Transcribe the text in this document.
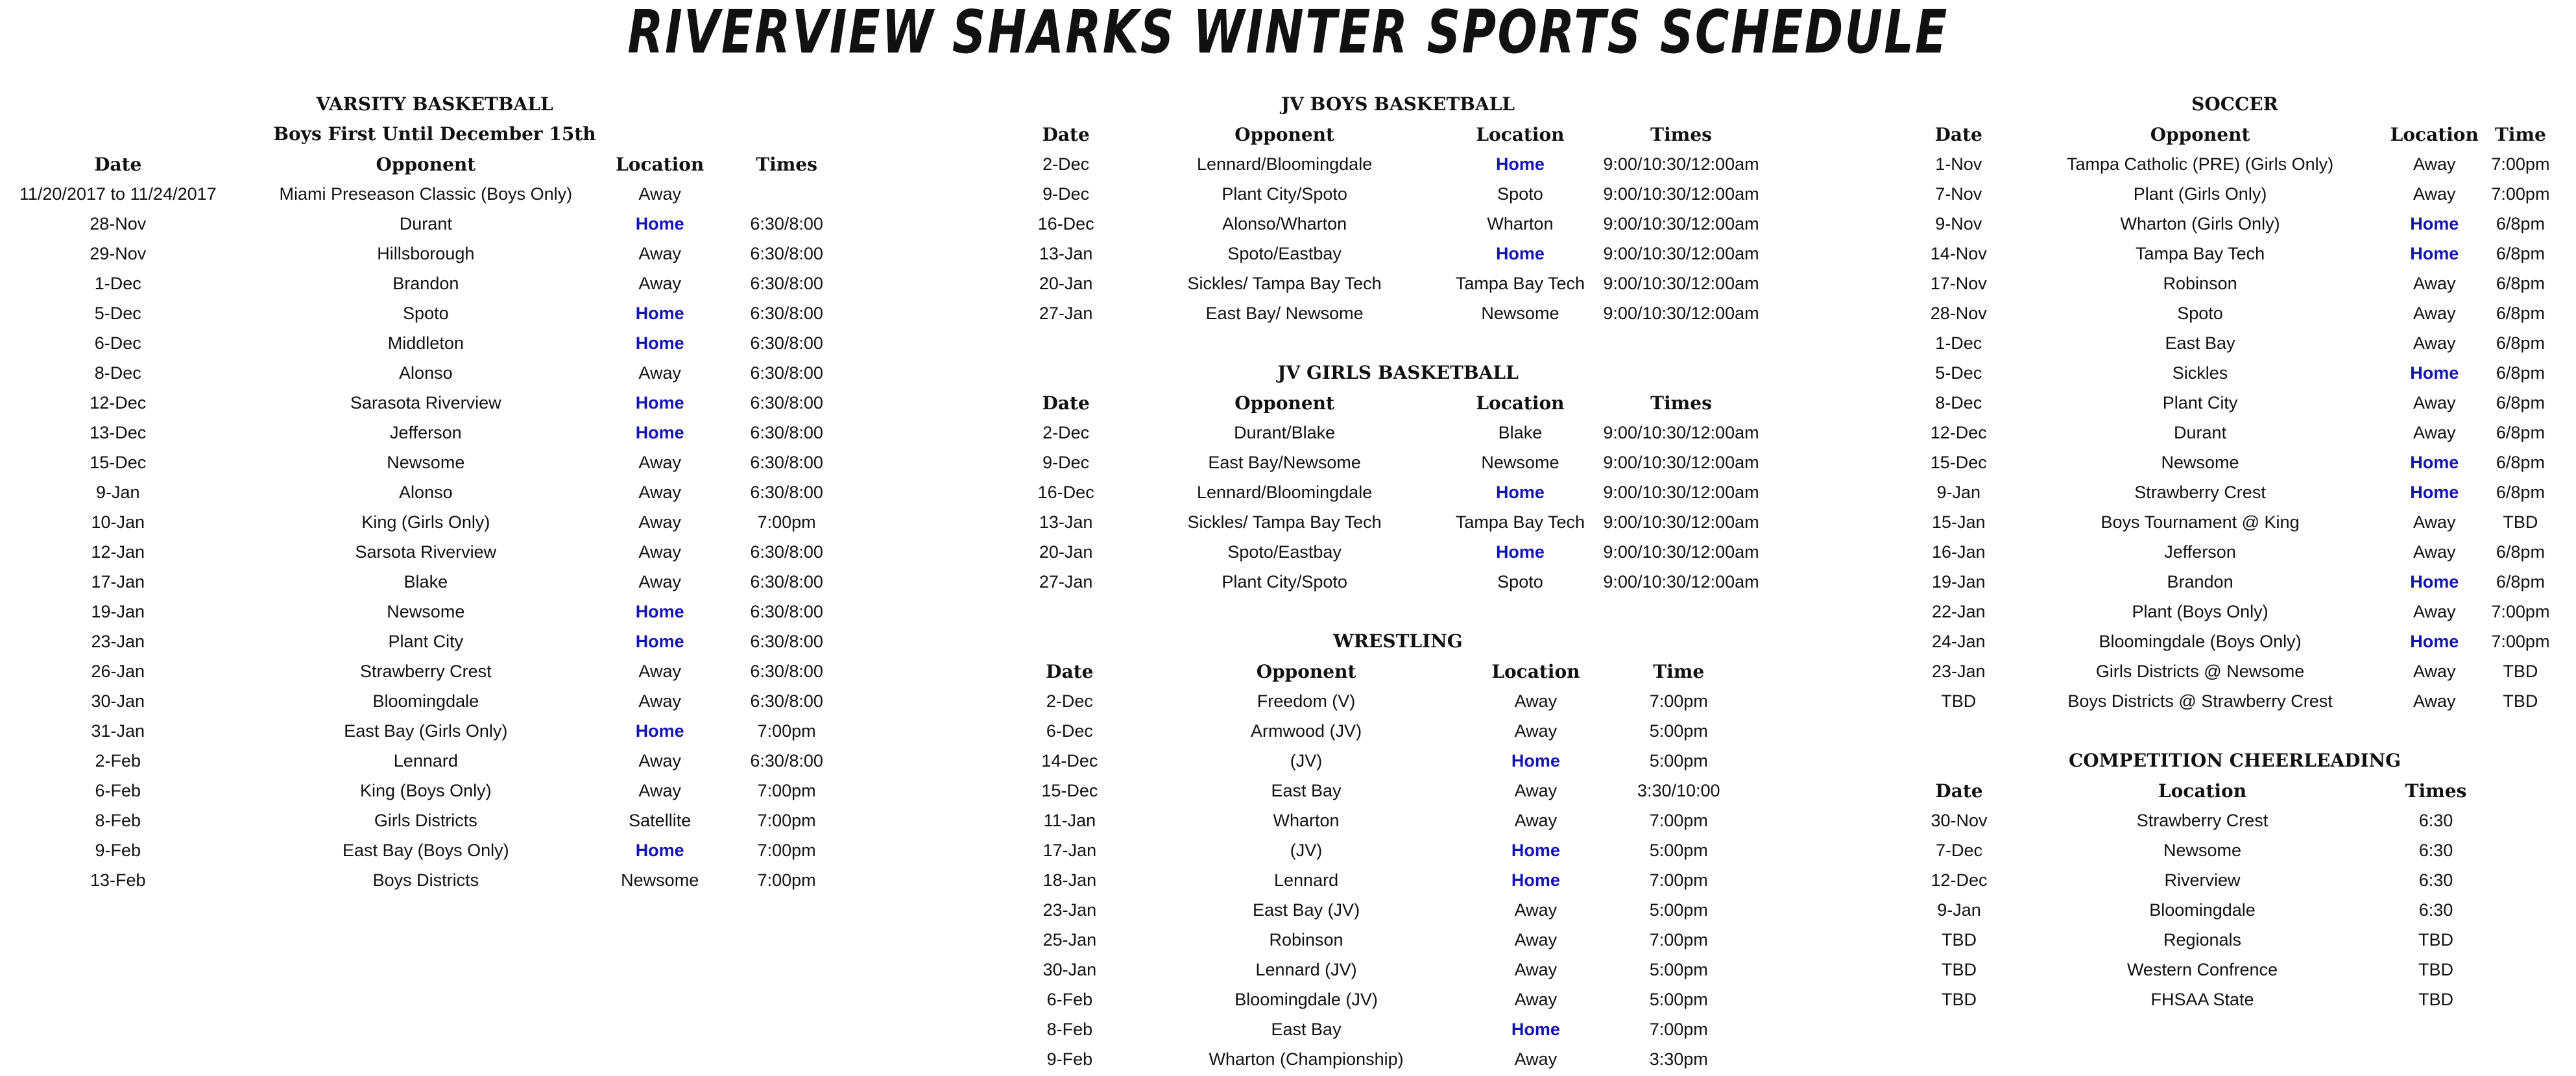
RIVERVIEW SHARKS WINTER SPORTS SCHEDULE
VARSITY BASKETBALL
Boys First Until December 15th
Date	Opponent	Location	Times
11/20/2017 to 11/24/2017	Miami Preseason Classic (Boys Only)	Away	
28-Nov	Durant	Home	6:30/8:00
29-Nov	Hillsborough	Away	6:30/8:00
1-Dec	Brandon	Away	6:30/8:00
5-Dec	Spoto	Home	6:30/8:00
6-Dec	Middleton	Home	6:30/8:00
8-Dec	Alonso	Away	6:30/8:00
12-Dec	Sarasota Riverview	Home	6:30/8:00
13-Dec	Jefferson	Home	6:30/8:00
15-Dec	Newsome	Away	6:30/8:00
9-Jan	Alonso	Away	6:30/8:00
10-Jan	King (Girls Only)	Away	7:00pm
12-Jan	Sarsota Riverview	Away	6:30/8:00
17-Jan	Blake	Away	6:30/8:00
19-Jan	Newsome	Home	6:30/8:00
23-Jan	Plant City	Home	6:30/8:00
26-Jan	Strawberry Crest	Away	6:30/8:00
30-Jan	Bloomingdale	Away	6:30/8:00
31-Jan	East Bay (Girls Only)	Home	7:00pm
2-Feb	Lennard	Away	6:30/8:00
6-Feb	King (Boys Only)	Away	7:00pm
8-Feb	Girls Districts	Satellite	7:00pm
9-Feb	East Bay (Boys Only)	Home	7:00pm
13-Feb	Boys Districts	Newsome	7:00pm
JV BOYS BASKETBALL
Date	Opponent	Location	Times
2-Dec	Lennard/Bloomingdale	Home	9:00/10:30/12:00am
9-Dec	Plant City/Spoto	Spoto	9:00/10:30/12:00am
16-Dec	Alonso/Wharton	Wharton	9:00/10:30/12:00am
13-Jan	Spoto/Eastbay	Home	9:00/10:30/12:00am
20-Jan	Sickles/ Tampa Bay Tech	Tampa Bay Tech	9:00/10:30/12:00am
27-Jan	East Bay/ Newsome	Newsome	9:00/10:30/12:00am
JV GIRLS BASKETBALL
Date	Opponent	Location	Times
2-Dec	Durant/Blake	Blake	9:00/10:30/12:00am
9-Dec	East Bay/Newsome	Newsome	9:00/10:30/12:00am
16-Dec	Lennard/Bloomingdale	Home	9:00/10:30/12:00am
13-Jan	Sickles/ Tampa Bay Tech	Tampa Bay Tech	9:00/10:30/12:00am
20-Jan	Spoto/Eastbay	Home	9:00/10:30/12:00am
27-Jan	Plant City/Spoto	Spoto	9:00/10:30/12:00am
WRESTLING
Date	Opponent	Location	Time
2-Dec	Freedom (V)	Away	7:00pm
6-Dec	Armwood (JV)	Away	5:00pm
14-Dec	(JV)	Home	5:00pm
15-Dec	East Bay	Away	3:30/10:00
11-Jan	Wharton	Away	7:00pm
17-Jan	(JV)	Home	5:00pm
18-Jan	Lennard	Home	7:00pm
23-Jan	East Bay (JV)	Away	5:00pm
25-Jan	Robinson	Away	7:00pm
30-Jan	Lennard (JV)	Away	5:00pm
6-Feb	Bloomingdale (JV)	Away	5:00pm
8-Feb	East Bay	Home	7:00pm
9-Feb	Wharton (Championship)	Away	3:30pm
SOCCER
Date	Opponent	Location	Time
1-Nov	Tampa Catholic (PRE) (Girls Only)	Away	7:00pm
7-Nov	Plant (Girls Only)	Away	7:00pm
9-Nov	Wharton (Girls Only)	Home	6/8pm
14-Nov	Tampa Bay Tech	Home	6/8pm
17-Nov	Robinson	Away	6/8pm
28-Nov	Spoto	Away	6/8pm
1-Dec	East Bay	Away	6/8pm
5-Dec	Sickles	Home	6/8pm
8-Dec	Plant City	Away	6/8pm
12-Dec	Durant	Away	6/8pm
15-Dec	Newsome	Home	6/8pm
9-Jan	Strawberry Crest	Home	6/8pm
15-Jan	Boys Tournament @ King	Away	TBD
16-Jan	Jefferson	Away	6/8pm
19-Jan	Brandon	Home	6/8pm
22-Jan	Plant (Boys Only)	Away	7:00pm
24-Jan	Bloomingdale (Boys Only)	Home	7:00pm
23-Jan	Girls Districts @ Newsome	Away	TBD
TBD	Boys Districts @ Strawberry Crest	Away	TBD
COMPETITION CHEERLEADING
Date	Location	Times
30-Nov	Strawberry Crest	6:30
7-Dec	Newsome	6:30
12-Dec	Riverview	6:30
9-Jan	Bloomingdale	6:30
TBD	Regionals	TBD
TBD	Western Confrence	TBD
TBD	FHSAA State	TBD
